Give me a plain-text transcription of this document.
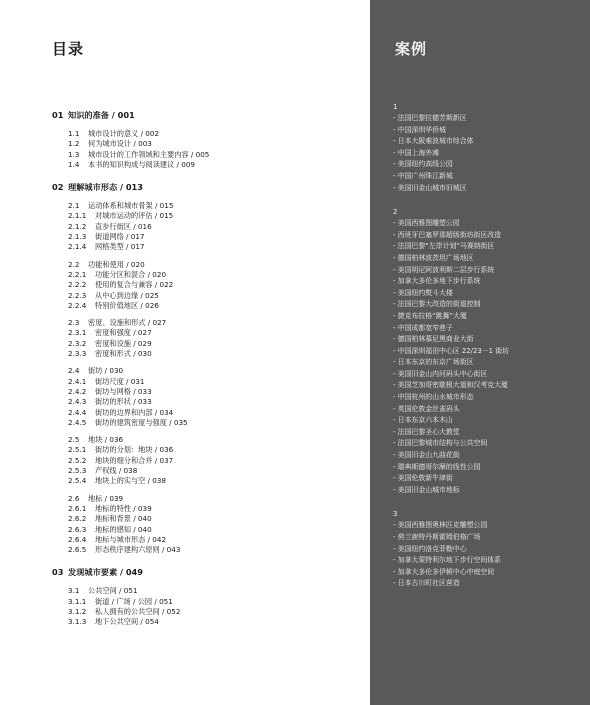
目录
01 知识的准备 / 001
1.1 城市设计的意义 / 002
1.2 何为城市设计 / 003
1.3 城市设计的工作领域和主要内容 / 005
1.4 本书的知识构成与阅读建议 / 009
02 理解城市形态 / 013
2.1 运动体系和城市骨架 / 015
2.1.1 对城市运动的评估 / 015
2.1.2 直步行街区 / 016
2.1.3 街道网络 / 017
2.1.4 网格类型 / 017
2.2 功能和使用 / 020
2.2.1 功能分区和混合 / 020
2.2.2 使用的复合与兼容 / 022
2.2.3 从中心到边缘 / 025
2.2.4 特别价值地区 / 026
2.3 密度、设施和形式 / 027
2.3.1 密度和强度 / 027
2.3.2 密度和设施 / 029
2.3.3 密度和形式 / 030
2.4 街坊 / 030
2.4.1 街坊尺度 / 031
2.4.2 街坊与网格 / 033
2.4.3 街坊的形状 / 033
2.4.4 街坊的边界和内部 / 034
2.4.5 街坊的建筑密度与强度 / 035
2.5 地块 / 036
2.5.1 街坊的分划：地块 / 036
2.5.2 地块的细分和合并 / 037
2.5.3 产权线 / 038
2.5.4 地块上的实与空 / 038
2.6 地标 / 039
2.6.1 地标的特性 / 039
2.6.2 地标和背景 / 040
2.6.3 地标的感知 / 040
2.6.4 地标与城市形态 / 042
2.6.5 形态秩序建构六原则 / 043
03 发现城市要素 / 049
3.1 公共空间 / 051
3.1.1 街道 / 广场 / 公园 / 051
3.1.2 私人拥有的公共空间 / 052
3.1.3 地下公共空间 / 054
案例
1
- 法国巴黎拉德芳斯新区
- 中国深圳华侨城
- 日本大阪难波城市综合体
- 中国上海外滩
- 美国纽约高线公园
- 中国广州珠江新城
- 美国旧金山城市旧城区
2
- 美国西雅图雕塑公园
- 西班牙巴塞罗那超级街坊街区改造
- 法国巴黎“左岸计划”马赛纳街区
- 德国柏林波茨坦广场地区
- 美国明尼阿波利斯二层步行系统
- 加拿大多伦多地下步行系统
- 美国纽约熨斗大楼
- 法国巴黎大改造的街道控制
- 捷克布拉格“跳舞”大厦
- 中国成都宽窄巷子
- 德国柏林慕尼黑商业大街
- 中国深圳福田中心区 22/23－1 街坊
- 日本东京的东京广场街区
- 美国旧金山内河码头中心街区
- 美国芝加哥密歇根大道和汉考克大厦
- 中国杭州的山水城市形态
- 英国伦敦金丝雀码头
- 日本东京六本木山
- 法国巴黎圣心大教堂
- 法国巴黎城市结构与公共空间
- 美国旧金山九曲花街
- 瑞典斯德哥尔摩的线性公园
- 美国伦敦新牛津街
- 美国旧金山城市地标
3
- 美国西雅图奥林匹克雕塑公园
- 荷兰鹿特丹斯霍姆伯格广场
- 美国纽约洛克菲勒中心
- 加拿大蒙特利尔地下步行空间体系
- 加拿大多伦多伊顿中心中庭空间
- 日本古川町社区营造
